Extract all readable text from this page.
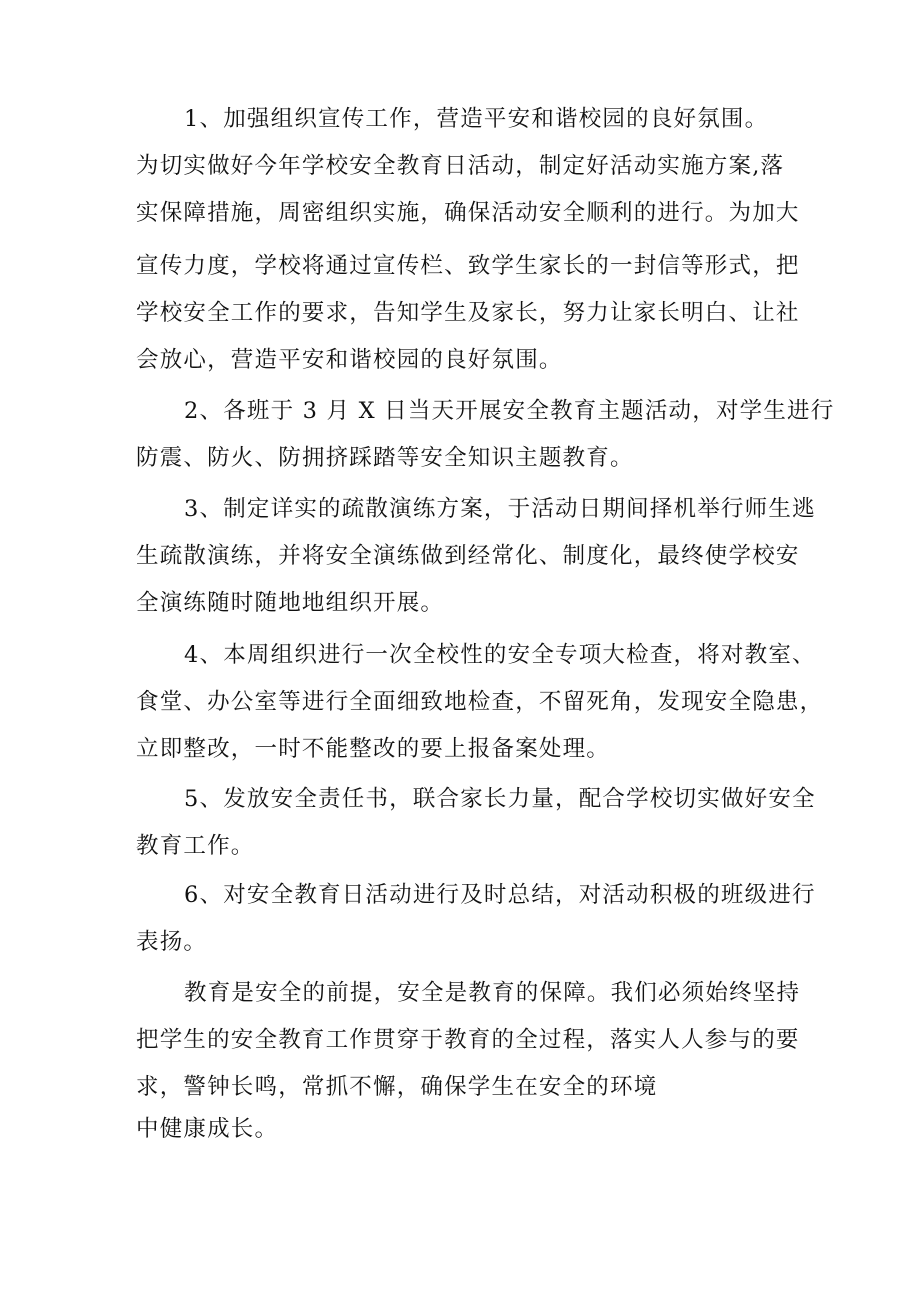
1、加强组织宣传工作，营造平安和谐校园的良好氛围。
为切实做好今年学校安全教育日活动，制定好活动实施方案,落
实保障措施，周密组织实施，确保活动安全顺利的进行。为加大
宣传力度，学校将通过宣传栏、致学生家长的一封信等形式，把
学校安全工作的要求，告知学生及家长，努力让家长明白、让社
会放心，营造平安和谐校园的良好氛围。
2、各班于 3 月 X 日当天开展安全教育主题活动，对学生进行
防震、防火、防拥挤踩踏等安全知识主题教育。
3、制定详实的疏散演练方案，于活动日期间择机举行师生逃
生疏散演练，并将安全演练做到经常化、制度化，最终使学校安
全演练随时随地地组织开展。
4、本周组织进行一次全校性的安全专项大检查，将对教室、
食堂、办公室等进行全面细致地检查，不留死角，发现安全隐患，
立即整改，一时不能整改的要上报备案处理。
5、发放安全责任书，联合家长力量，配合学校切实做好安全
教育工作。
6、对安全教育日活动进行及时总结，对活动积极的班级进行
表扬。
教育是安全的前提，安全是教育的保障。我们必须始终坚持
把学生的安全教育工作贯穿于教育的全过程，落实人人参与的要
求，警钟长鸣，常抓不懈，确保学生在安全的环境
中健康成长。
